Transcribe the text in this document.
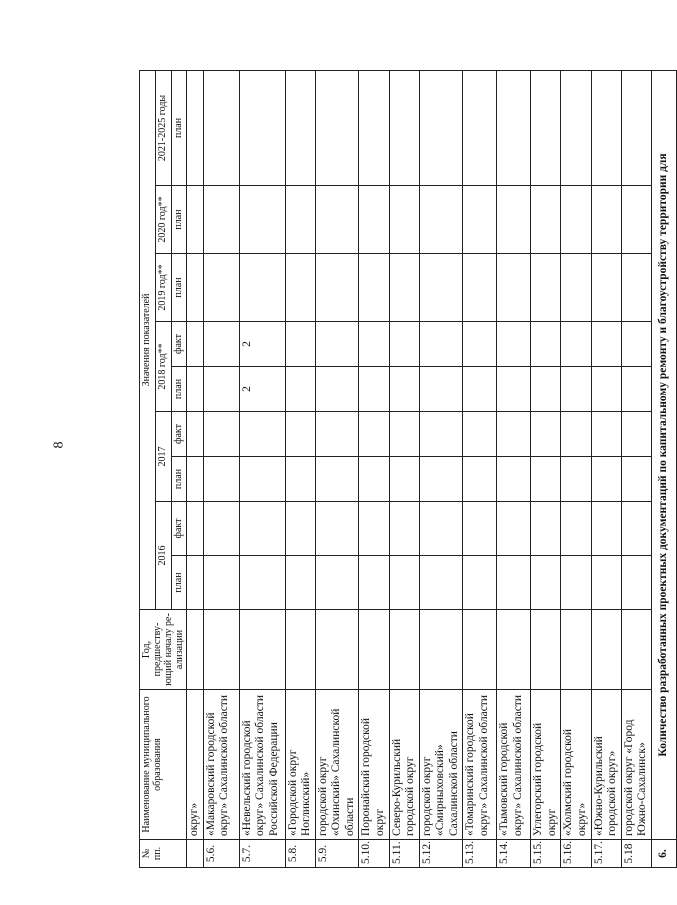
8
№ пп.	Наименование муниципального образования	Год, предшеству-ющий началу ре-ализации	Значения показателей									
			2016		2017		2018 год**		2019 год**	2020 год**	2021-2025 годы	
			план	факт	план	факт	план	факт	план	план	план	
	округ»											
5.6.	«Макаровский городской округ» Сахалинской области											
5.7.	«Невельский городской округ» Сахалинской области Российской Федерации						2	2				
5.8.	«Городской округ Ногликский»											
5.9.	городской округ «Охинский» Сахалинской области											
5.10.	Поронайский городской округ											
5.11.	Северо-Курильский городской округ											
5.12.	городской округ «Смирныховский» Сахалинской области											
5.13.	«Томаринский городской округ» Сахалинской области											
5.14.	«Тымовский городской округ» Сахалинской области											
5.15.	Углегорский городской округ											
5.16.	«Холмский городской округ»											
5.17.	«Южно-Курильский городской округ»											
5.18	городской округ «Город Южно-Сахалинск»											
6.	Количество разработанных проектных документаций по капитальному ремонту и благоустройству территории для											
